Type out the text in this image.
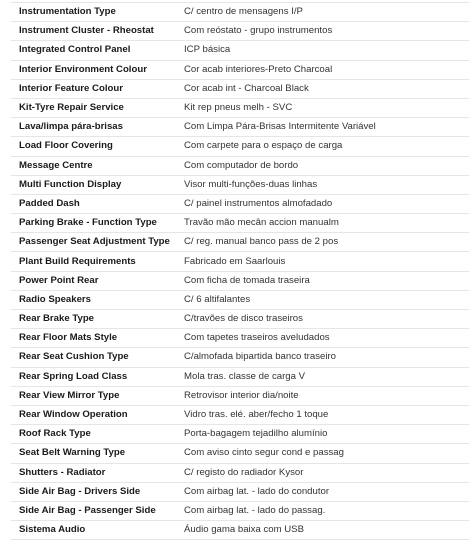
Instrumentation Type	C/ centro de mensagens I/P
Instrument Cluster - Rheostat	Com reóstato - grupo instrumentos
Integrated Control Panel	ICP básica
Interior Environment Colour	Cor acab interiores-Preto Charcoal
Interior Feature Colour	Cor acab int - Charcoal Black
Kit-Tyre Repair Service	Kit rep pneus melh - SVC
Lava/limpa pára-brisas	Com Limpa Pára-Brisas Intermitente Variável
Load Floor Covering	Com carpete para o espaço de carga
Message Centre	Com computador de bordo
Multi Function Display	Visor multi-funções-duas linhas
Padded Dash	C/ painel instrumentos almofadado
Parking Brake - Function Type	Travão mão mecân accion manualm
Passenger Seat Adjustment Type	C/ reg. manual banco pass de 2 pos
Plant Build Requirements	Fabricado em Saarlouis
Power Point Rear	Com ficha de tomada traseira
Radio Speakers	C/ 6 altifalantes
Rear Brake Type	C/travões de disco traseiros
Rear Floor Mats Style	Com tapetes traseiros aveludados
Rear Seat Cushion Type	C/almofada bipartida banco traseiro
Rear Spring Load Class	Mola tras. classe de carga V
Rear View Mirror Type	Retrovisor interior dia/noite
Rear Window Operation	Vidro tras. elé. aber/fecho 1 toque
Roof Rack Type	Porta-bagagem tejadilho alumínio
Seat Belt Warning Type	Com aviso cinto segur cond e passag
Shutters - Radiator	C/ registo do radiador Kysor
Side Air Bag - Drivers Side	Com airbag lat. - lado do condutor
Side Air Bag - Passenger Side	Com airbag lat. - lado do passag.
Sistema Audio	Áudio gama baixa com USB
